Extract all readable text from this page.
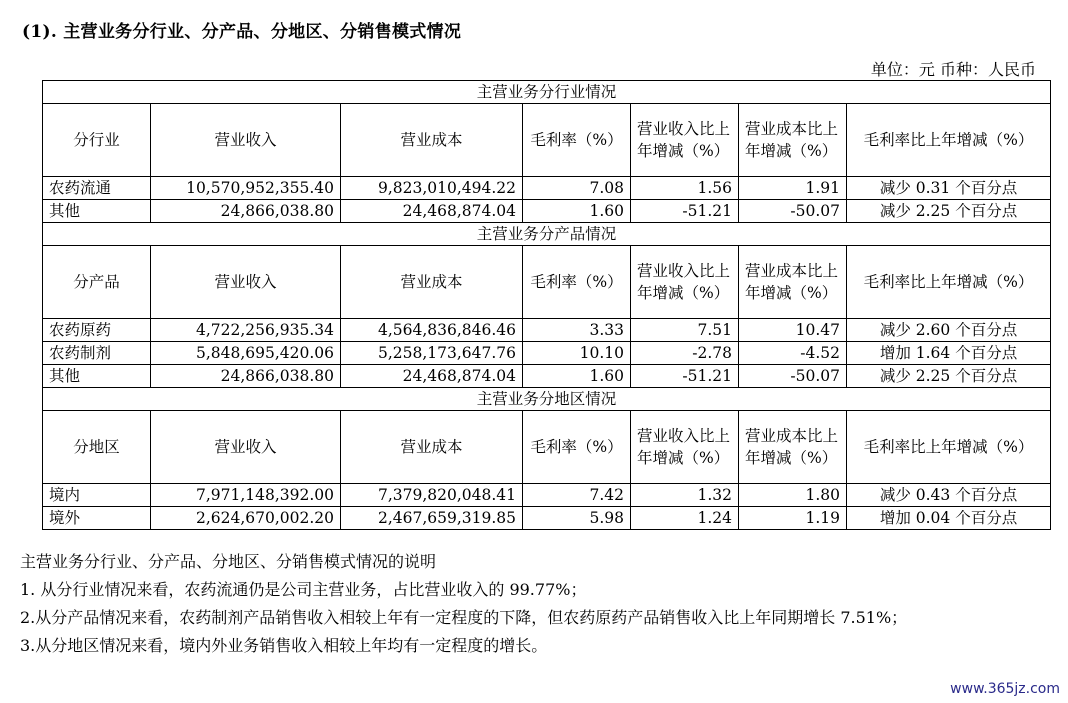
(1). 主营业务分行业、分产品、分地区、分销售模式情况
单位：元 币种：人民币
主营业务分行业情况						
分行业	营业收入	营业成本	毛利率（%）	营业收入比上年增减（%）	营业成本比上年增减（%）	毛利率比上年增减（%）
农药流通	10,570,952,355.40	9,823,010,494.22	7.08	1.56	1.91	减少 0.31 个百分点
其他	24,866,038.80	24,468,874.04	1.60	-51.21	-50.07	减少 2.25 个百分点
主营业务分产品情况						
分产品	营业收入	营业成本	毛利率（%）	营业收入比上年增减（%）	营业成本比上年增减（%）	毛利率比上年增减（%）
农药原药	4,722,256,935.34	4,564,836,846.46	3.33	7.51	10.47	减少 2.60 个百分点
农药制剂	5,848,695,420.06	5,258,173,647.76	10.10	-2.78	-4.52	增加 1.64 个百分点
其他	24,866,038.80	24,468,874.04	1.60	-51.21	-50.07	减少 2.25 个百分点
主营业务分地区情况						
分地区	营业收入	营业成本	毛利率（%）	营业收入比上年增减（%）	营业成本比上年增减（%）	毛利率比上年增减（%）
境内	7,971,148,392.00	7,379,820,048.41	7.42	1.32	1.80	减少 0.43 个百分点
境外	2,624,670,002.20	2,467,659,319.85	5.98	1.24	1.19	增加 0.04 个百分点

主营业务分行业、分产品、分地区、分销售模式情况的说明

1. 从分行业情况来看，农药流通仍是公司主营业务，占比营业收入的 99.77%；

2.从分产品情况来看，农药制剂产品销售收入相较上年有一定程度的下降，但农药原药产品销售收入比上年同期增长 7.51%；

3.从分地区情况来看，境内外业务销售收入相较上年均有一定程度的增长。

www.365jz.com
